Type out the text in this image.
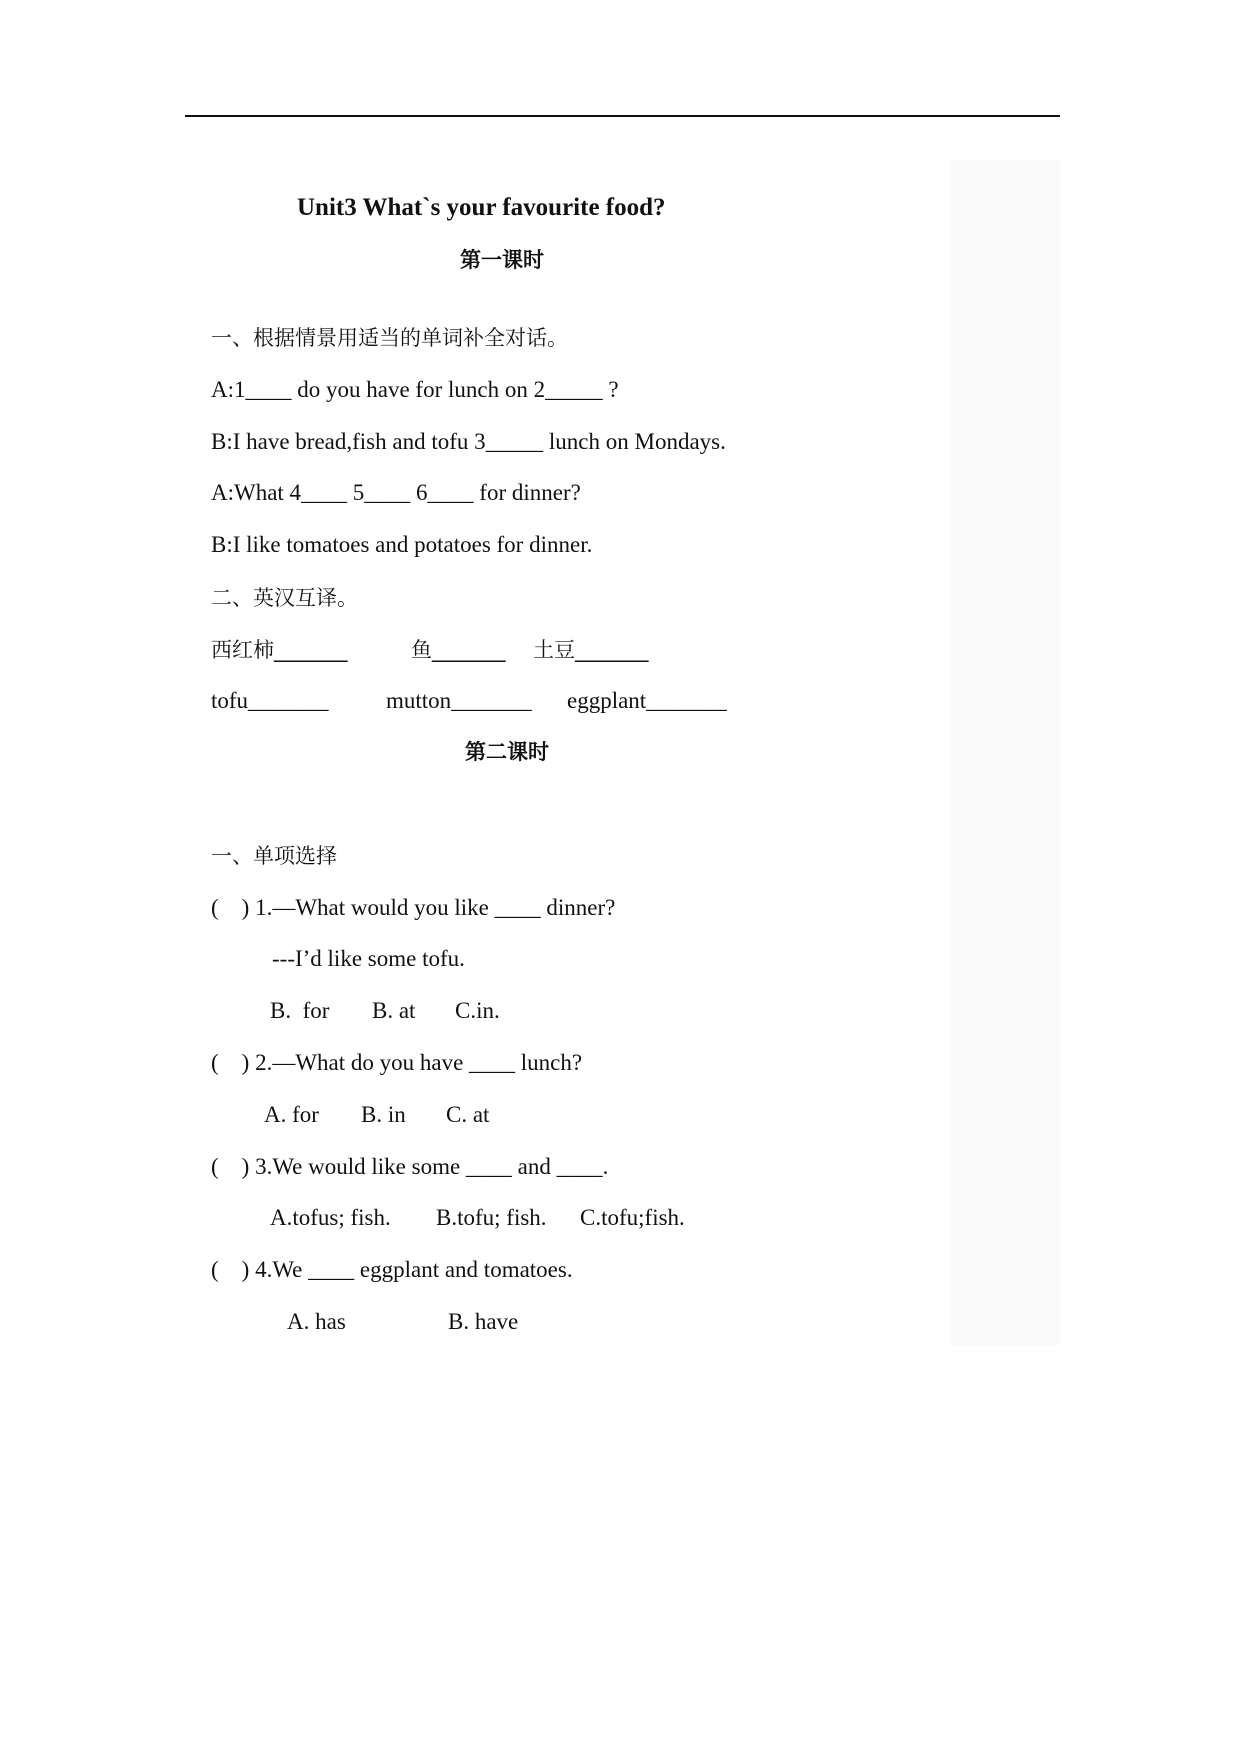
Unit3 What`s your favourite food?
第一课时
一、根据情景用适当的单词补全对话。
A:1____ do you have for lunch on 2_____ ?
B:I have bread,fish and tofu 3_____ lunch on Mondays.
A:What 4____ 5____ 6____ for dinner?
B:I like tomatoes and potatoes for dinner.
二、英汉互译。
西红柿_______	鱼_______ 土豆_______
tofu_______ mutton_______ eggplant_______
第二课时
一、单项选择
(    ) 1.—What would you like ____ dinner?
---I’d like some tofu.
B.  for B. at C.in.
(    ) 2.—What do you have ____ lunch?
A. for B. in C. at
(    ) 3.We would like some ____ and ____.
A.tofus; fish. B.tofu; fish. C.tofu;fish.
(    ) 4.We ____ eggplant and tomatoes.
A. has	B. have
